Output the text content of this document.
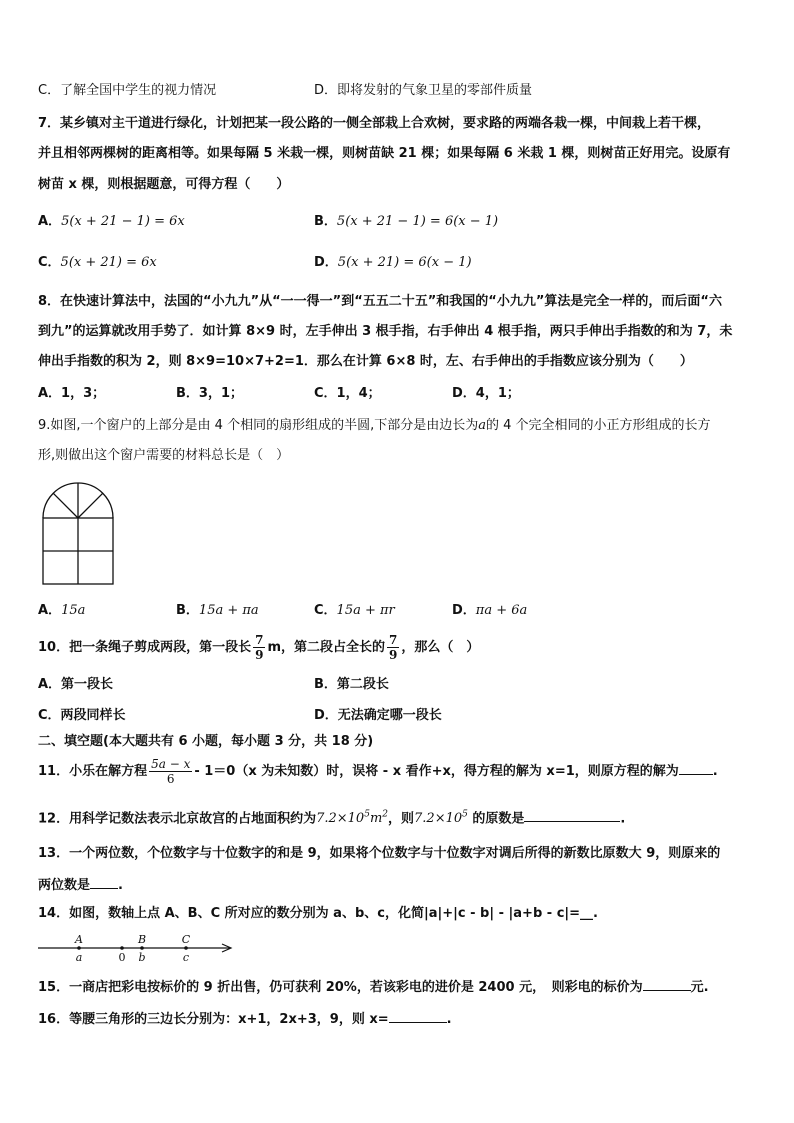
C．了解全国中学生的视力情况	D．即将发射的气象卫星的零部件质量
7．某乡镇对主干道进行绿化，计划把某一段公路的一侧全部栽上合欢树，要求路的两端各栽一棵，中间栽上若干棵，
并且相邻两棵树的距离相等。如果每隔 5 米栽一棵，则树苗缺 21 棵；如果每隔 6 米栽 1 棵，则树苗正好用完。设原有
树苗 x 棵，则根据题意，可得方程（　　）
A．5(x + 21 − 1) = 6x	B．5(x + 21 − 1) = 6(x − 1)
C．5(x + 21) = 6x	D．5(x + 21) = 6(x − 1)
8．在快速计算法中，法国的“小九九”从“一一得一”到“五五二十五”和我国的“小九九”算法是完全一样的，而后面“六
到九”的运算就改用手势了．如计算 8×9 时，左手伸出 3 根手指，右手伸出 4 根手指，两只手伸出手指数的和为 7，未
伸出手指数的积为 2，则 8×9=10×7+2=1．那么在计算 6×8 时，左、右手伸出的手指数应该分别为（　　）
A．1，3；	B．3，1；	C．1，4；	D．4，1；
9.如图,一个窗户的上部分是由 4 个相同的扇形组成的半圆,下部分是由边长为a的 4 个完全相同的小正方形组成的长方
形,则做出这个窗户需要的材料总长是（　）
A．15a	B．15a + πa	C．15a + πr	D．πa + 6a
10．把一条绳子剪成两段，第一段长 $\frac{7}{9}$ m，第二段占全长的 $\frac{7}{9}$ ，那么（　）
A．第一段长	B．第二段长
C．两段同样长	D．无法确定哪一段长
二、填空题(本大题共有 6 小题，每小题 3 分，共 18 分)
11．小乐在解方程 $\frac{5a - x}{6} - 1=0(x$ 为未知数）时，误将 - x 看作+x，得方程的解为 x=1，则原方程的解为	.
12．用科学记数法表示北京故宫的占地面积约为$7.2\times 10^5m^2$，则$7.2\times 10^5$ 的原数是	.
13．一个两位数，个位数字与十位数字的和是 9，如果将个位数字与十位数字对调后所得的新数比原数大 9，则原来的
两位数是 .
14．如图，数轴上点 A、B、C 所对应的数分别为 a、b、c，化简|a|+|c - b| - |a+b - c|=__.
A	B	C
a	0 b	c
15．一商店把彩电按标价的 9 折出售，仍可获利 20%，若该彩电的进价是 2400 元，　则彩电的标价为	元.
16．等腰三角形的三边长分别为：x+1，2x+3，9，则 x=	.
